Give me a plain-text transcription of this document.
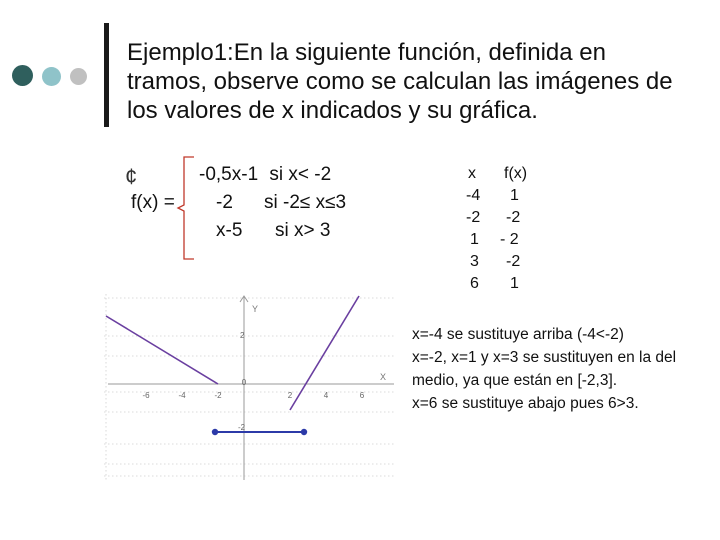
Ejemplo1:En la siguiente función, definida en tramos, observe como se calculan las imágenes de los valores de x indicados y su gráfica.
¢
f(x) =
-0,5x-1 si x< -2
-2 si -2≤ x≤3
x-5 si x> 3
x f(x)
-4 1
-2 -2
1 - 2
3 -2
6 1
Y
X
-6	-4	-2
0
2	4	6
2
-2
x=-4 se sustituye arriba (-4<-2)
x=-2, x=1 y x=3 se sustituyen en la del medio, ya que están en [-2,3].
x=6 se sustituye abajo pues 6>3.
